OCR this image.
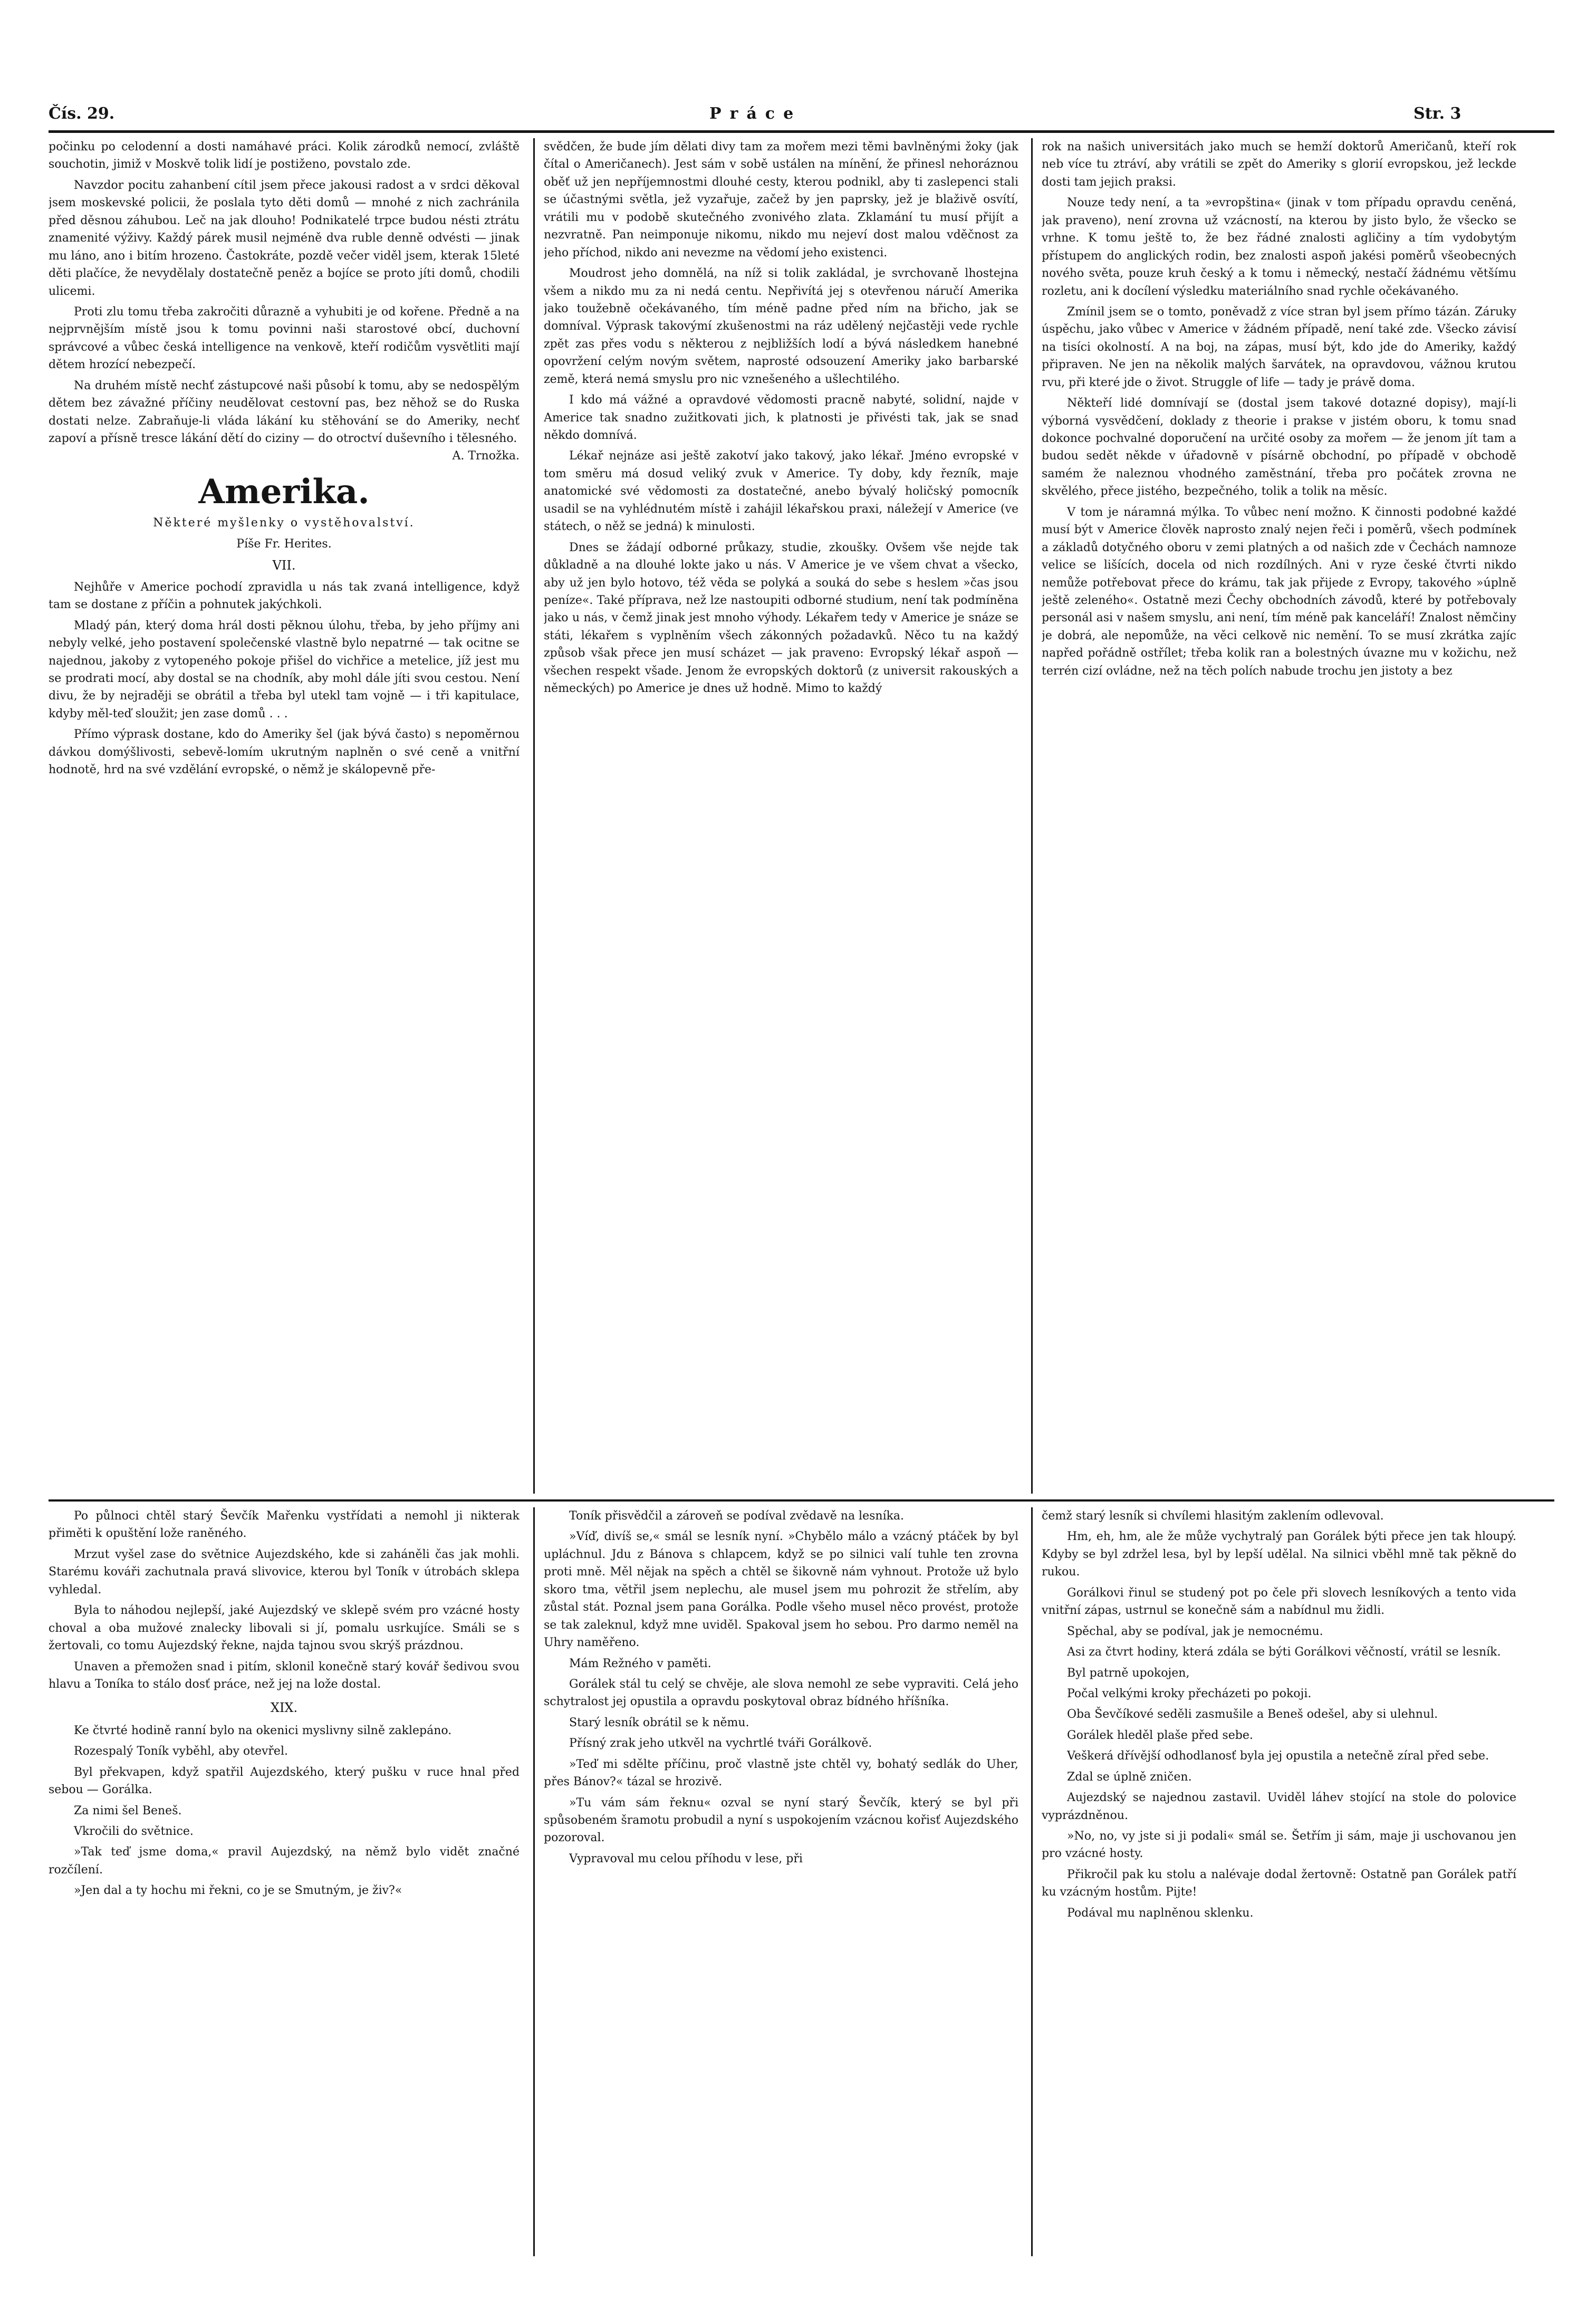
Čís. 29.	Práce	Str. 3

počinku po celodenní a dosti namáhavé práci. Kolik zárodků nemocí, zvláště souchotin, jimiž v Moskvě tolik lidí je postiženo, povstalo zde.

Navzdor pocitu zahanbení cítil jsem přece jakousi radost a v srdci děkoval jsem moskevské policii, že poslala tyto děti domů — mnohé z nich zachránila před děsnou záhubou. Leč na jak dlouho! Podnikatelé trpce budou nésti ztrátu znamenité výživy. Každý párek musil nejméně dva ruble denně odvésti — jinak mu láno, ano i bitím hrozeno. Častokráte, pozdě večer viděl jsem, kterak 15leté děti plačíce, že nevydělaly dostatečně peněz a bojíce se proto jíti domů, chodili ulicemi.

Proti zlu tomu třeba zakročiti důrazně a vyhubiti je od kořene. Předně a na nejprvnějším místě jsou k tomu povinni naši starostové obcí, duchovní správcové a vůbec česká intelligence na venkově, kteří rodičům vysvětliti mají dětem hrozící nebezpečí.

Na druhém místě nechť zástupcové naši působí k tomu, aby se nedospělým dětem bez závažné příčiny neudělovat cestovní pas, bez něhož se do Ruska dostati nelze. Zabraňuje-li vláda lákání ku stěhování se do Ameriky, nechť zapoví a přísně tresce lákání dětí do ciziny — do otroctví duševního i tělesného.

A. Trnožka.

Amerika.
Některé myšlenky o vystěhovalství.
Píše Fr. Herites.
VII.

Nejhůře v Americe pochodí zpravidla u nás tak zvaná intelligence, když tam se dostane z příčin a pohnutek jakýchkoli.

Mladý pán, který doma hrál dosti pěknou úlohu, třeba, by jeho příjmy ani nebyly velké, jeho postavení společenské vlastně bylo nepatrné — tak ocitne se najednou, jakoby z vytopeného pokoje přišel do vichřice a metelice, jíž jest mu se prodrati mocí, aby dostal se na chodník, aby mohl dále jíti svou cestou. Není divu, že by nejraději se obrátil a třeba byl utekl tam vojně — i tři kapitulace, kdyby měl-teď sloužit; jen zase domů . . .

Přímo výprask dostane, kdo do Ameriky šel (jak bývá často) s nepoměrnou dávkou domýšlivosti, sebevě-lomím ukrutným naplněn o své ceně a vnitřní hodnotě, hrd na své vzdělání evropské, o němž je skálopevně pře-

svědčen, že bude jím dělati divy tam za mořem mezi těmi bavlněnými žoky (jak čítal o Američanech). Jest sám v sobě ustálen na mínění, že přinesl nehoráznou oběť už jen nepříjemnostmi dlouhé cesty, kterou podnikl, aby ti zaslepenci stali se účastnými světla, jež vyzařuje, začež by jen paprsky, jež je blaživě osvítí, vrátili mu v podobě skutečného zvonivého zlata. Zklamání tu musí přijít a nezvratně. Pan neimponuje nikomu, nikdo mu nejeví dost malou vděčnost za jeho příchod, nikdo ani nevezme na vědomí jeho existenci.

Moudrost jeho domnělá, na níž si tolik zakládal, je svrchovaně lhostejna všem a nikdo mu za ni nedá centu. Nepřivítá jej s otevřenou náručí Amerika jako toužebně očekávaného, tím méně padne před ním na břicho, jak se domníval. Výprask takovýmí zkušenostmi na ráz udělený nejčastěji vede rychle zpět zas přes vodu s některou z nejbližších lodí a bývá následkem hanebné opovržení celým novým světem, naprosté odsouzení Ameriky jako barbarské země, která nemá smyslu pro nic vznešeného a ušlechtilého.

I kdo má vážné a opravdové vědomosti pracně nabyté, solidní, najde v Americe tak snadno zužitkovati jich, k platnosti je přivésti tak, jak se snad někdo domnívá.

Lékař nejnáze asi ještě zakotví jako takový, jako lékař. Jméno evropské v tom směru má dosud veliký zvuk v Americe. Ty doby, kdy řezník, maje anatomické své vědomosti za dostatečné, anebo bývalý holičský pomocník usadil se na vyhlédnutém místě i zahájil lékařskou praxi, náležejí v Americe (ve státech, o něž se jedná) k minulosti.

Dnes se žádají odborné průkazy, studie, zkoušky. Ovšem vše nejde tak důkladně a na dlouhé lokte jako u nás. V Americe je ve všem chvat a všecko, aby už jen bylo hotovo, též věda se polyká a souká do sebe s heslem »čas jsou peníze«. Také příprava, než lze nastoupiti odborné studium, není tak podmíněna jako u nás, v čemž jinak jest mnoho výhody. Lékařem tedy v Americe je snáze se státi, lékařem s vyplněním všech zákonných požadavků. Něco tu na každý způsob však přece jen musí scházet — jak praveno: Evropský lékař aspoň — všechen respekt všade. Jenom že evropských doktorů (z universit rakouských a německých) po Americe je dnes už hodně. Mimo to každý

rok na našich universitách jako much se hemží doktorů Američanů, kteří rok neb více tu ztráví, aby vrátili se zpět do Ameriky s glorií evropskou, jež leckde dosti tam jejich praksi.

Nouze tedy není, a ta »evropština« (jinak v tom případu opravdu ceněná, jak praveno), není zrovna už vzácností, na kterou by jisto bylo, že všecko se vrhne. K tomu ještě to, že bez řádné znalosti agličiny a tím vydobytým přístupem do anglických rodin, bez znalosti aspoň jakési poměrů všeobecných nového světa, pouze kruh český a k tomu i německý, nestačí žádnému většímu rozletu, ani k docílení výsledku materiálního snad rychle očekávaného.

Zmínil jsem se o tomto, poněvadž z více stran byl jsem přímo tázán. Záruky úspěchu, jako vůbec v Americe v žádném případě, není také zde. Všecko závisí na tisíci okolností. A na boj, na zápas, musí být, kdo jde do Ameriky, každý připraven. Ne jen na několik malých šarvátek, na opravdovou, vážnou krutou rvu, při které jde o život. Struggle of life — tady je právě doma.

Někteří lidé domnívají se (dostal jsem takové dotazné dopisy), mají-li výborná vysvědčení, doklady z theorie i prakse v jistém oboru, k tomu snad dokonce pochvalné doporučení na určité osoby za mořem — že jenom jít tam a budou sedět někde v úřadovně v písárně obchodní, po případě v obchodě samém že naleznou vhodného zaměstnání, třeba pro počátek zrovna ne skvělého, přece jistého, bezpečného, tolik a tolik na měsíc.

V tom je náramná mýlka. To vůbec není možno. K činnosti podobné každé musí být v Americe člověk naprosto znalý nejen řeči i poměrů, všech podmínek a základů dotyčného oboru v zemi platných a od našich zde v Čechách namnoze velice se lišících, docela od nich rozdílných. Ani v ryze české čtvrti nikdo nemůže potřebovat přece do krámu, tak jak přijede z Evropy, takového »úplně ještě zeleného«. Ostatně mezi Čechy obchodních závodů, které by potřebovaly personál asi v našem smyslu, ani není, tím méně pak kanceláří! Znalost němčiny je dobrá, ale nepomůže, na věci celkově nic nemění. To se musí zkrátka zajíc napřed pořádně ostřílet; třeba kolik ran a bolestných úvazne mu v kožichu, než terrén cizí ovládne, než na těch polích nabude trochu jen jistoty a bez

Po půlnoci chtěl starý Ševčík Mařenku vystřídati a nemohl ji nikterak přiměti k opuštění lože raněného.

Mrzut vyšel zase do světnice Aujezdského, kde si zaháněli čas jak mohli. Starému kováři zachutnala pravá slivovice, kterou byl Toník v útrobách sklepa vyhledal.

Byla to náhodou nejlepší, jaké Aujezdský ve sklepě svém pro vzácné hosty choval a oba mužové znalecky libovali si jí, pomalu usrkujíce. Smáli se s žertovali, co tomu Aujezdský řekne, najda tajnou svou skrýš prázdnou.

Unaven a přemožen snad i pitím, sklonil konečně starý kovář šedivou svou hlavu a Toníka to stálo dosť práce, než jej na lože dostal.

XIX.

Ke čtvrté hodině ranní bylo na okenici myslivny silně zaklepáno.

Rozespalý Toník vyběhl, aby otevřel.

Byl překvapen, když spatřil Aujezdského, který pušku v ruce hnal před sebou — Gorálka.

Za nimi šel Beneš.

Vkročili do světnice.

»Tak teď jsme doma,« pravil Aujezdský, na němž bylo vidět značné rozčílení.

»Jen dal a ty hochu mi řekni, co je se Smutným, je živ?«

Toník přisvědčil a zároveň se podíval zvědavě na lesníka.

»Víď, divíš se,« smál se lesník nyní. »Chybělo málo a vzácný ptáček by byl upláchnul. Jdu z Bánova s chlapcem, když se po silnici valí tuhle ten zrovna proti mně. Měl nějak na spěch a chtěl se šikovně nám vyhnout. Protože už bylo skoro tma, větřil jsem neplechu, ale musel jsem mu pohrozit že střelím, aby zůstal stát. Poznal jsem pana Gorálka. Podle všeho musel něco provést, protože se tak zaleknul, když mne uviděl. Spakoval jsem ho sebou. Pro darmo neměl na Uhry naměřeno.

Mám Režného v paměti.

Gorálek stál tu celý se chvěje, ale slova nemohl ze sebe vypraviti. Celá jeho schytralost jej opustila a opravdu poskytoval obraz bídného hříšníka.

Starý lesník obrátil se k němu.

Přísný zrak jeho utkvěl na vychrtlé tváři Gorálkově.

»Teď mi sdělte příčinu, proč vlastně jste chtěl vy, bohatý sedlák do Uher, přes Bánov?« tázal se hrozivě.

»Tu vám sám řeknu« ozval se nyní starý Ševčík, který se byl při spůsobeném šramotu probudil a nyní s uspokojením vzácnou kořisť Aujezdského pozoroval.

Vypravoval mu celou příhodu v lese, při

čemž starý lesník si chvílemi hlasitým zaklením odlevoval.

Hm, eh, hm, ale že může vychytralý pan Gorálek býti přece jen tak hloupý. Kdyby se byl zdržel lesa, byl by lepší udělal. Na silnici vběhl mně tak pěkně do rukou.

Gorálkovi řinul se studený pot po čele při slovech lesníkových a tento vida vnitřní zápas, ustrnul se konečně sám a nabídnul mu židli.

Spěchal, aby se podíval, jak je nemocnému.

Asi za čtvrt hodiny, která zdála se býti Gorálkovi věčností, vrátil se lesník.

Byl patrně upokojen,

Počal velkými kroky přecházeti po pokoji.

Oba Ševčíkové seděli zasmušile a Beneš odešel, aby si ulehnul.

Gorálek hleděl plaše před sebe.

Veškerá dřívější odhodlanosť byla jej opustila a netečně zíral před sebe.

Zdal se úplně zničen.

Aujezdský se najednou zastavil. Uviděl láhev stojící na stole do polovice vyprázdněnou.

»No, no, vy jste si ji podali« smál se. Šetřím ji sám, maje ji uschovanou jen pro vzácné hosty.

Přikročil pak ku stolu a nalévaje dodal žertovně: Ostatně pan Gorálek patří ku vzácným hostům. Pijte!

Podával mu naplněnou sklenku.
